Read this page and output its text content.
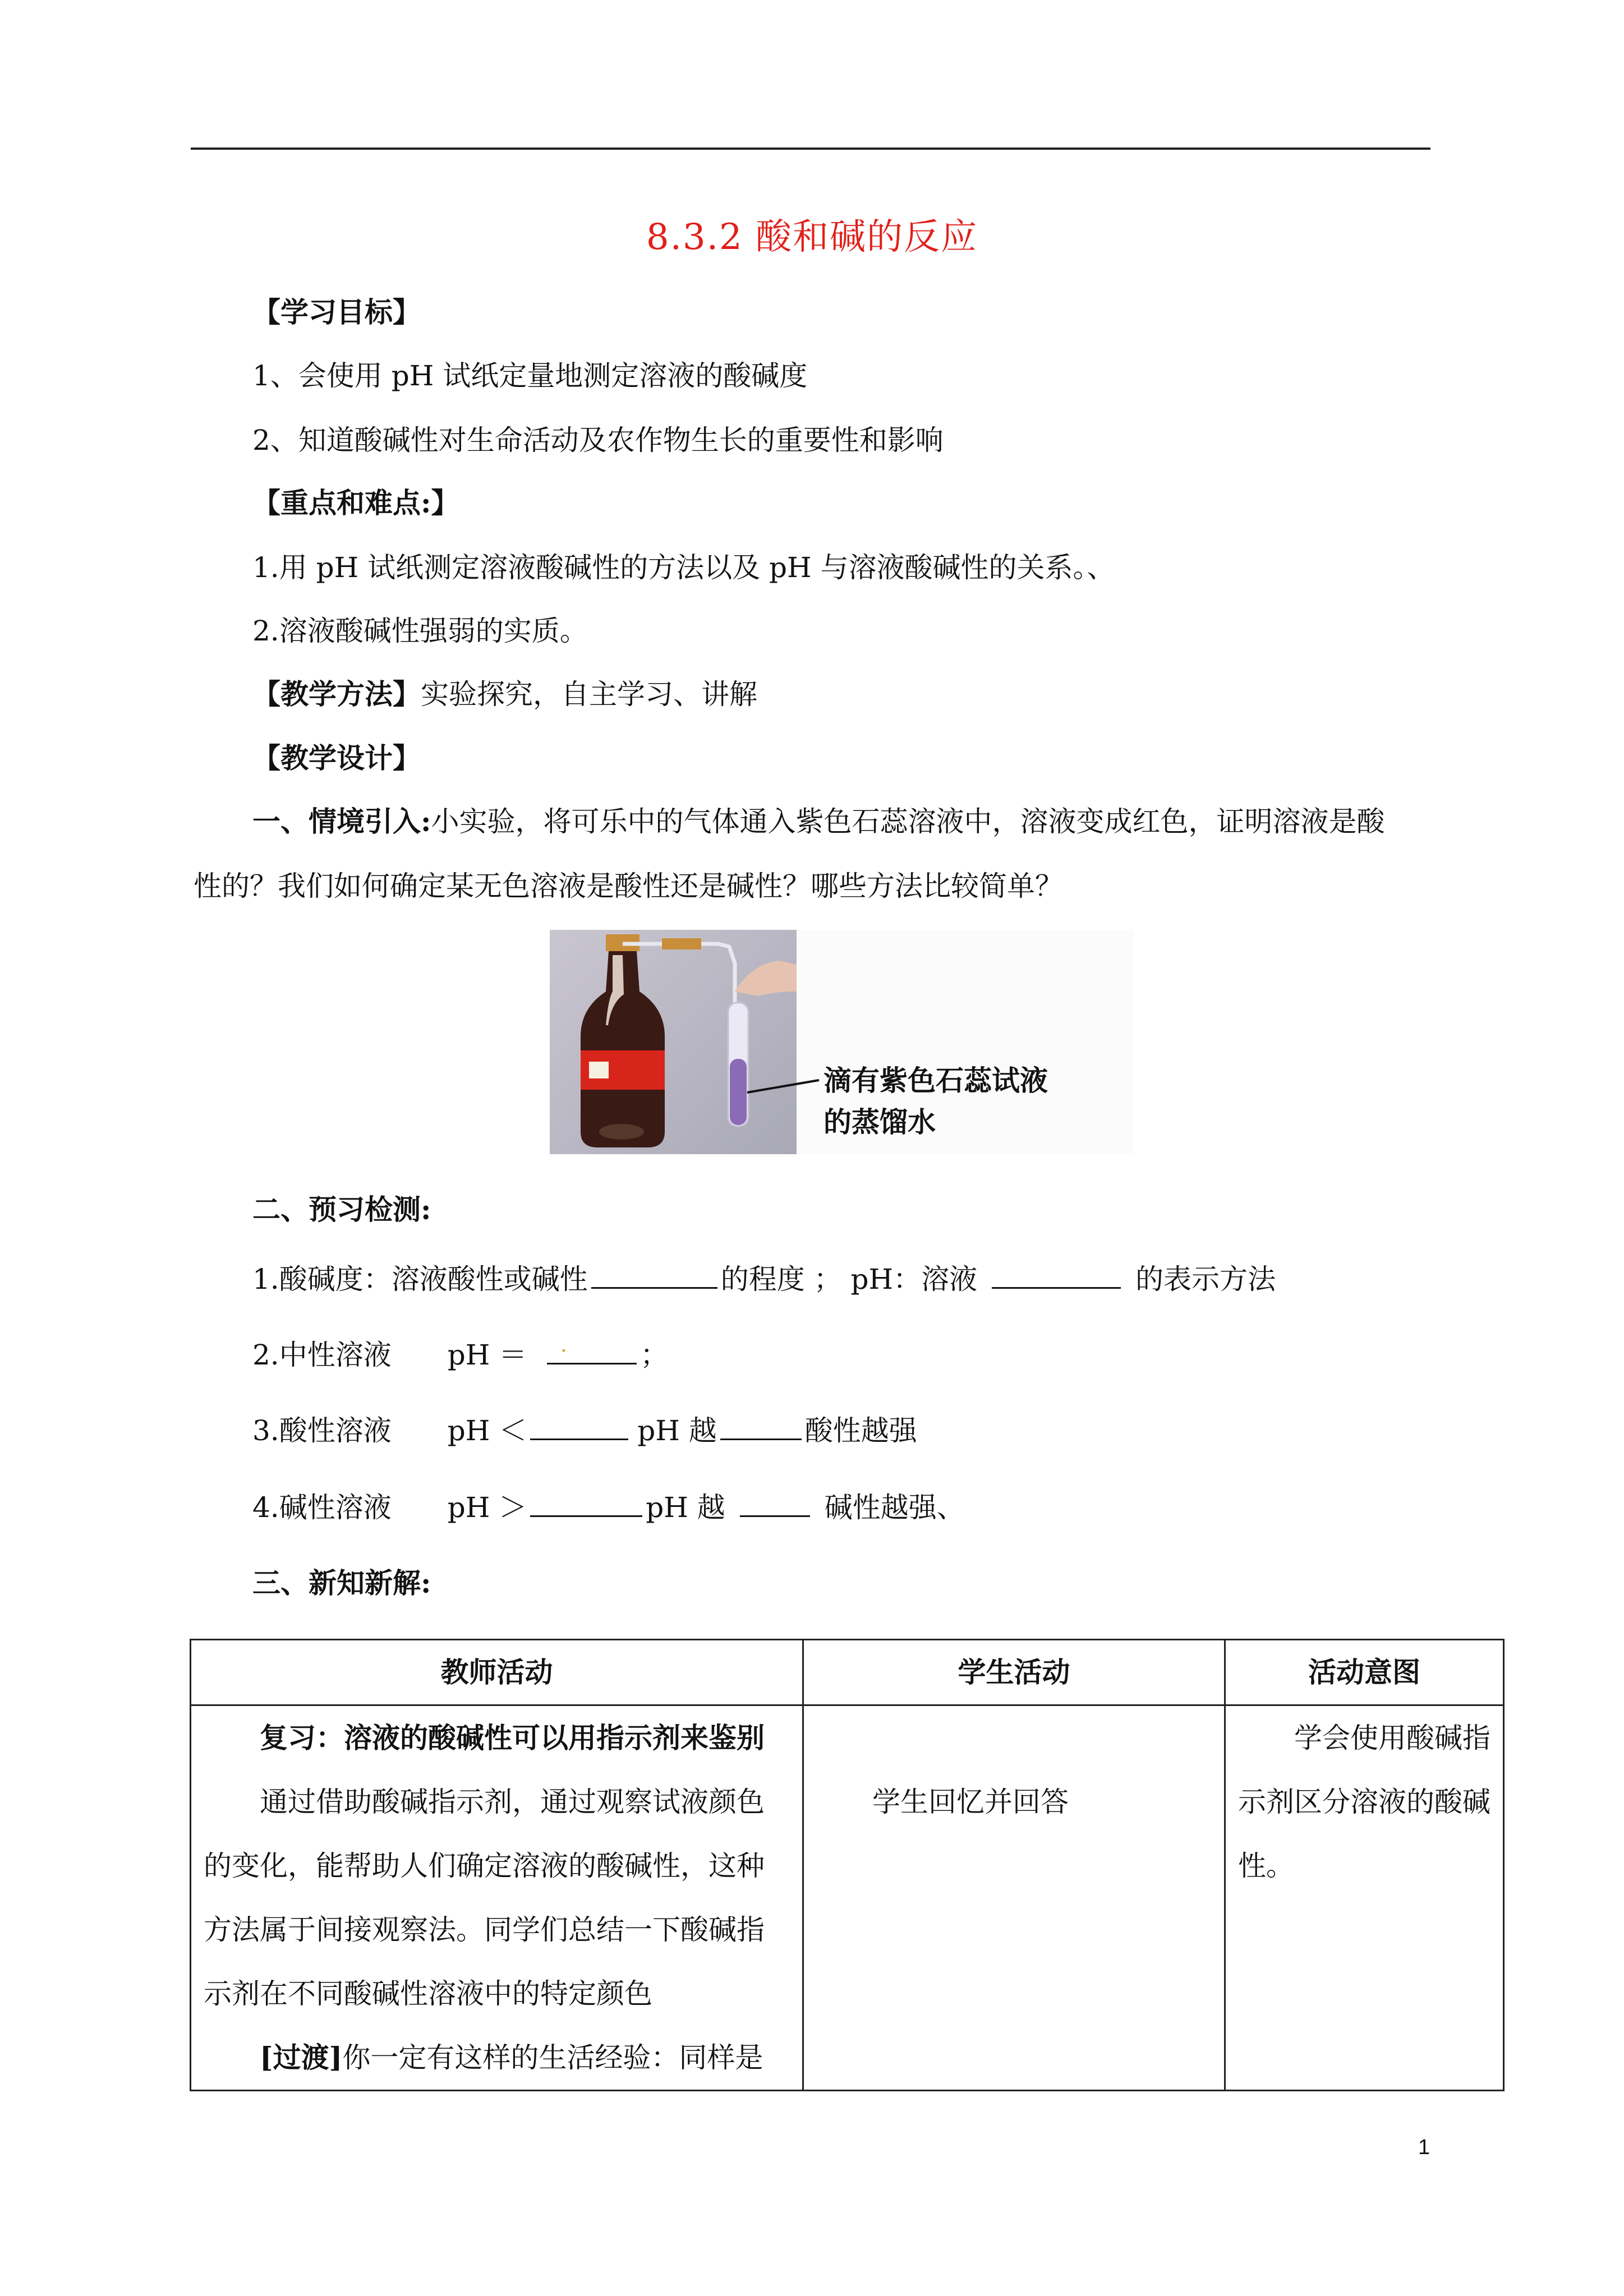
8.3.2 酸和碱的反应
【学习目标】
1、会使用 pH 试纸定量地测定溶液的酸碱度
2、知道酸碱性对生命活动及农作物生长的重要性和影响
【重点和难点:】
1.用 pH 试纸测定溶液酸碱性的方法以及 pH 与溶液酸碱性的关系。、
2.溶液酸碱性强弱的实质。
【教学方法】实验探究，自主学习、讲解
【教学设计】
一、情境引入:小实验，将可乐中的气体通入紫色石蕊溶液中，溶液变成红色，证明溶液是酸
性的？我们如何确定某无色溶液是酸性还是碱性？哪些方法比较简单？
滴有紫色石蕊试液
的蒸馏水
二、预习检测:
1.酸碱度：溶液酸性或碱性	的程度 ； pH：溶液	的表示方法
2.中性溶液 pH ＝ .	；
3.酸性溶液 pH ＜	pH 越	酸性越强
4.碱性溶液 pH ＞	pH 越	碱性越强、
三、新知新解:
教师活动	学生活动	活动意图

复习：溶液的酸碱性可以用指示剂来鉴别

通过借助酸碱指示剂，通过观察试液颜色的变化，能帮助人们确定溶液的酸碱性，这种方法属于间接观察法。同学们总结一下酸碱指示剂在不同酸碱性溶液中的特定颜色

[过渡]你一定有这样的生活经验：同样是	学生回忆并回答	学会使用酸碱指示剂区分溶液的酸碱性。

1
